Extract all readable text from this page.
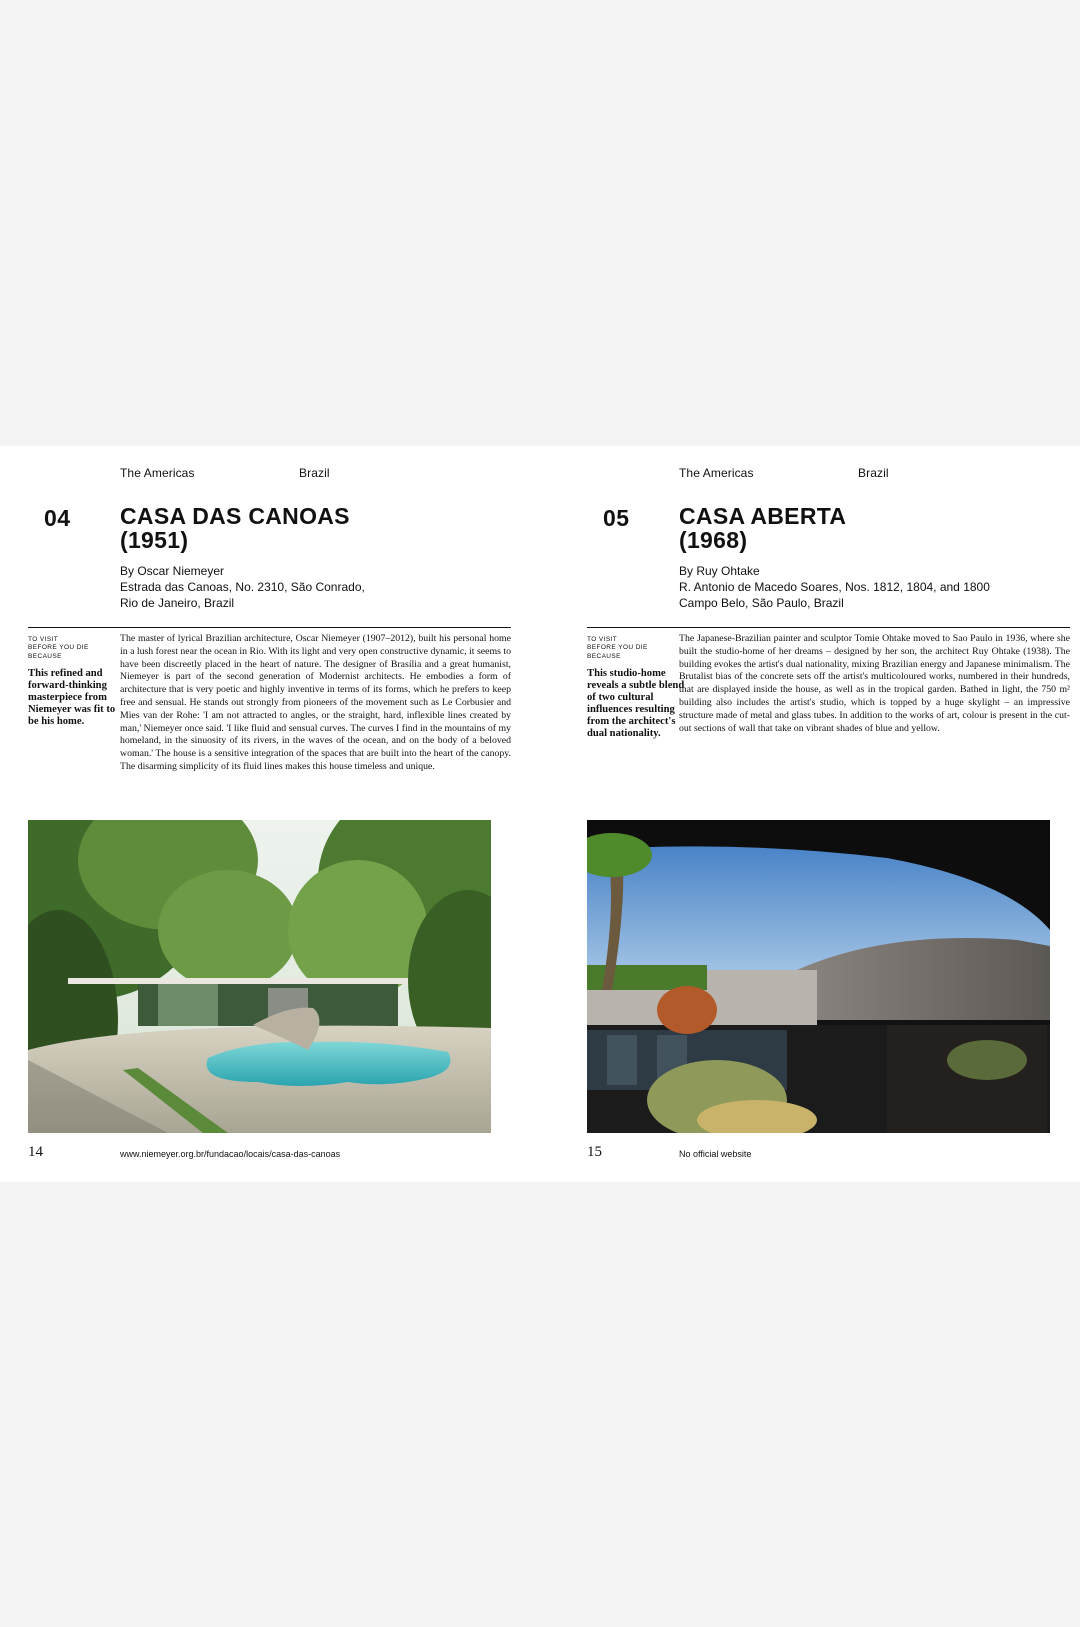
The Americas	Brazil
04 CASA DAS CANOAS
(1951)
By Oscar Niemeyer
Estrada das Canoas, No. 2310, São Conrado,
Rio de Janeiro, Brazil
TO VISIT
BEFORE YOU DIE
BECAUSE
This refined and forward-thinking masterpiece from Niemeyer was fit to be his home.

The master of lyrical Brazilian architecture, Oscar Niemeyer (1907–2012), built his personal home in a lush forest near the ocean in Rio. With its light and very open constructive dynamic, it seems to have been discreetly placed in the heart of nature. The designer of Brasília and a great humanist, Niemeyer is part of the second generation of Modernist architects. He embodies a form of architecture that is very poetic and highly inventive in terms of its forms, which he prefers to keep free and sensual. He stands out strongly from pioneers of the movement such as Le Corbusier and Mies van der Rohe: 'I am not attracted to angles, or the straight, hard, inflexible lines created by man,' Niemeyer once said. 'I like fluid and sensual curves. The curves I find in the mountains of my homeland, in the sinuosity of its rivers, in the waves of the ocean, and on the body of a beloved woman.' The house is a sensitive integration of the spaces that are built into the heart of the canopy. The disarming simplicity of its fluid lines makes this house timeless and unique.

14	www.niemeyer.org.br/fundacao/locais/casa-das-canoas
The Americas	Brazil
05 CASA ABERTA
(1968)
By Ruy Ohtake
R. Antonio de Macedo Soares, Nos. 1812, 1804, and 1800
Campo Belo, São Paulo, Brazil
TO VISIT
BEFORE YOU DIE
BECAUSE
This studio-home reveals a subtle blend of two cultural influences resulting from the architect's dual nationality.

The Japanese-Brazilian painter and sculptor Tomie Ohtake moved to Sao Paulo in 1936, where she built the studio-home of her dreams – designed by her son, the architect Ruy Ohtake (1938). The building evokes the artist's dual nationality, mixing Brazilian energy and Japanese minimalism. The Brutalist bias of the concrete sets off the artist's multicoloured works, numbered in their hundreds, that are displayed inside the house, as well as in the tropical garden. Bathed in light, the 750 m² building also includes the artist's studio, which is topped by a huge skylight – an impressive structure made of metal and glass tubes. In addition to the works of art, colour is present in the cut-out sections of wall that take on vibrant shades of blue and yellow.

15	No official website
